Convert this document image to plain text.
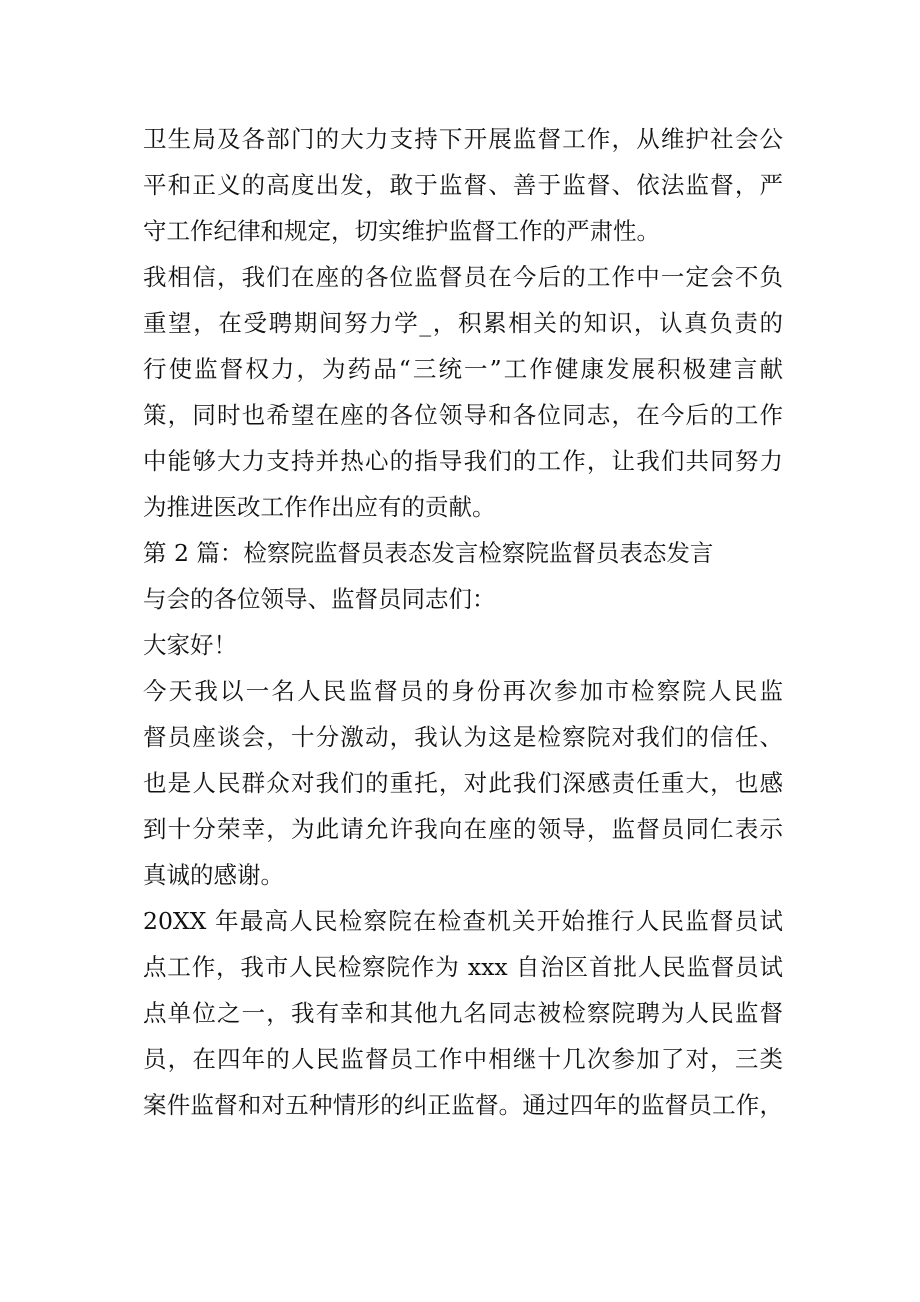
卫生局及各部门的大力支持下开展监督工作，从维护社会公
平和正义的高度出发，敢于监督、善于监督、依法监督，严
守工作纪律和规定，切实维护监督工作的严肃性。
我相信，我们在座的各位监督员在今后的工作中一定会不负
重望，在受聘期间努力学_，积累相关的知识，认真负责的
行使监督权力，为药品“三统一”工作健康发展积极建言献
策，同时也希望在座的各位领导和各位同志，在今后的工作
中能够大力支持并热心的指导我们的工作，让我们共同努力
为推进医改工作作出应有的贡献。
第 2 篇：检察院监督员表态发言检察院监督员表态发言
与会的各位领导、监督员同志们：
大家好！
今天我以一名人民监督员的身份再次参加市检察院人民监
督员座谈会，十分激动，我认为这是检察院对我们的信任、
也是人民群众对我们的重托，对此我们深感责任重大，也感
到十分荣幸，为此请允许我向在座的领导，监督员同仁表示
真诚的感谢。
20XX 年最高人民检察院在检查机关开始推行人民监督员试
点工作，我市人民检察院作为 xxx 自治区首批人民监督员试
点单位之一，我有幸和其他九名同志被检察院聘为人民监督
员，在四年的人民监督员工作中相继十几次参加了对，三类
案件监督和对五种情形的纠正监督。通过四年的监督员工作，
